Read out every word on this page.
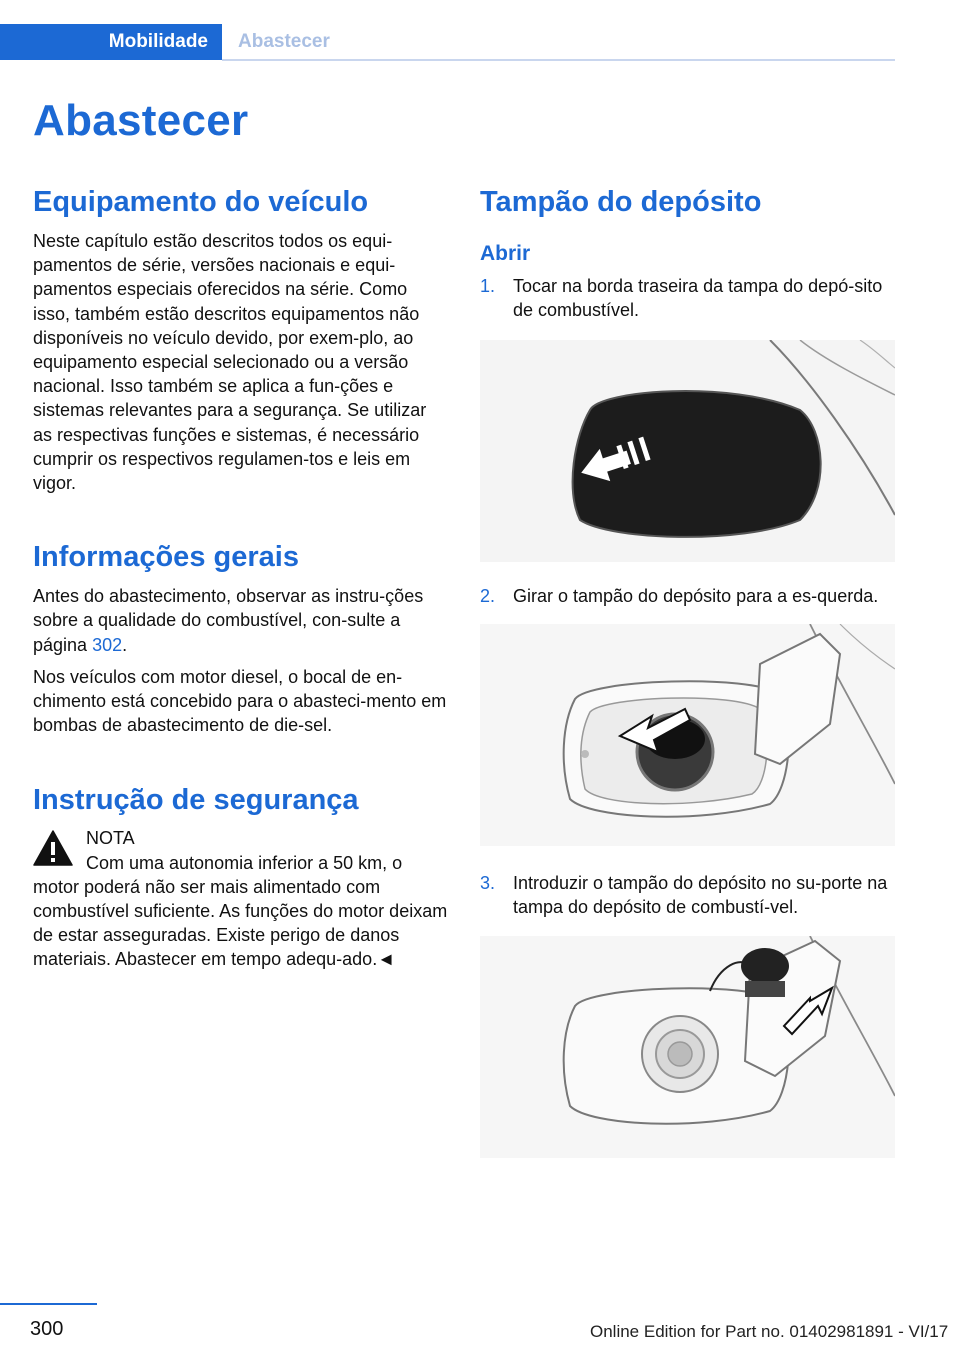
Mobilidade	Abastecer
Abastecer
Equipamento do veículo

Neste capítulo estão descritos todos os equi-pamentos de série, versões nacionais e equi-pamentos especiais oferecidos na série. Como isso, também estão descritos equipamentos não disponíveis no veículo devido, por exem-plo, ao equipamento especial selecionado ou a versão nacional. Isso também se aplica a fun-ções e sistemas relevantes para a segurança. Se utilizar as respectivas funções e sistemas, é necessário cumprir os respectivos regulamen-tos e leis em vigor.

Informações gerais

Antes do abastecimento, observar as instru-ções sobre a qualidade do combustível, con-sulte a página 302.

Nos veículos com motor diesel, o bocal de en-chimento está concebido para o abasteci-mento em bombas de abastecimento de die-sel.

Instrução de segurança

NOTA

Com uma autonomia inferior a 50 km, o motor poderá não ser mais alimentado com combustível suficiente. As funções do motor deixam de estar asseguradas. Existe perigo de danos materiais. Abastecer em tempo adequ-ado.◄

Tampão do depósito
Abrir
1. Tocar na borda traseira da tampa do depó-sito de combustível.
2. Girar o tampão do depósito para a es-querda.
3. Introduzir o tampão do depósito no su-porte na tampa do depósito de combustí-vel.
300	Online Edition for Part no. 01402981891 - VI/17
